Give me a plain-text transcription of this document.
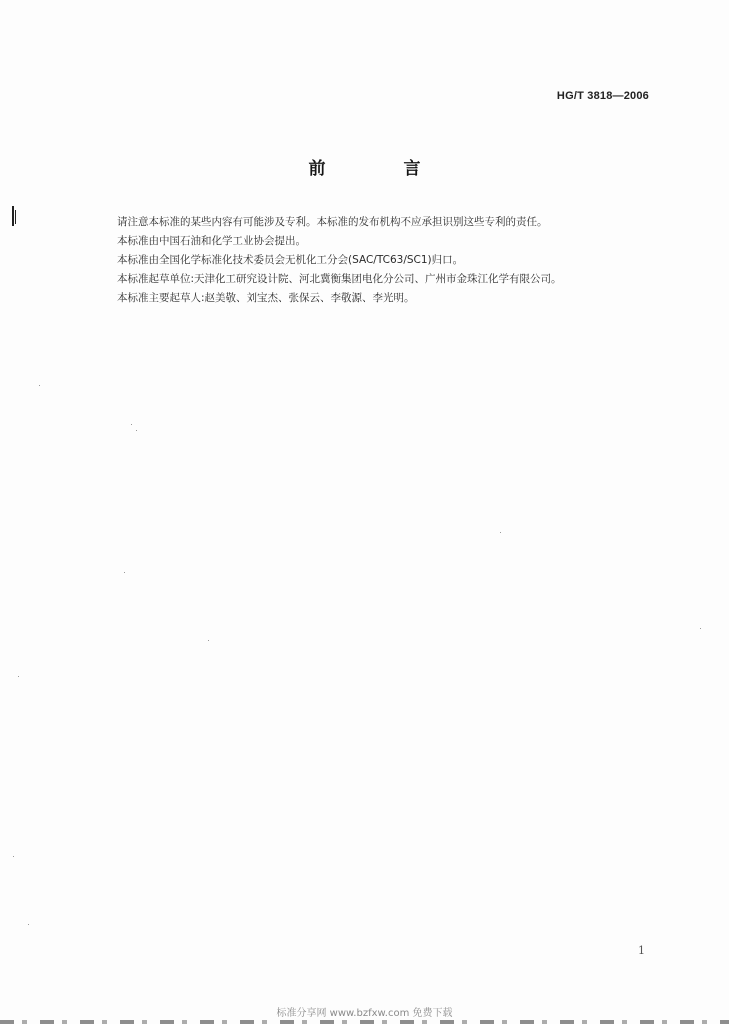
HG/T 3818—2006
前 言

请注意本标准的某些内容有可能涉及专利。本标准的发布机构不应承担识别这些专利的责任。

本标准由中国石油和化学工业协会提出。

本标准由全国化学标准化技术委员会无机化工分会(SAC/TC63/SC1)归口。

本标准起草单位:天津化工研究设计院、河北冀衡集团电化分公司、广州市金珠江化学有限公司。

本标准主要起草人:赵美敬、刘宝杰、张保云、李敬源、李光明。

1
标准分享网 www.bzfxw.com 免费下载
